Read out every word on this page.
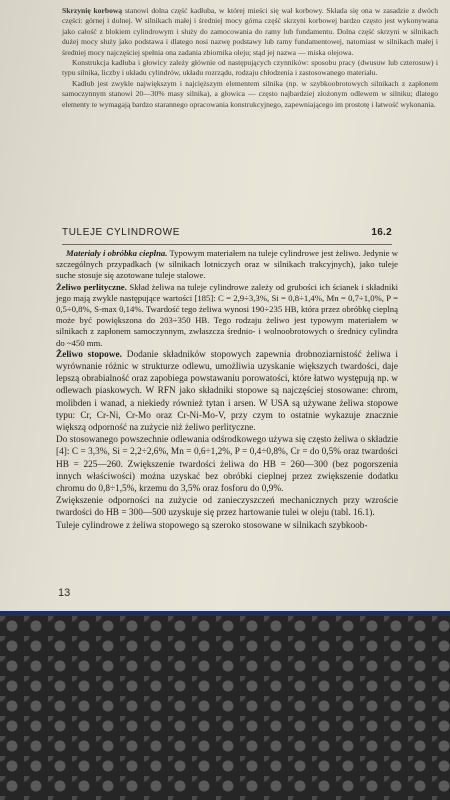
Skrzynię korbową stanowi dolna część kadłuba, w której mieści się wał korbowy. Składa się ona w zasadzie z dwóch części: górnej i dolnej. W silnikach małej i średniej mocy górna część skrzyni korbowej bardzo często jest wykonywana jako całość z blokiem cylindrowym i służy do zamocowania do ramy lub fundamentu. Dolna część skrzyni w silnikach dużej mocy służy jako podstawa i dlatego nosi nazwę podstawy lub ramy fundamentowej, natomiast w silnikach małej i średniej mocy najczęściej spełnia ona zadania zbiornika oleju; stąd jej nazwa — miska olejowa.

Konstrukcja kadłuba i głowicy zależy głównie od następujących czynników: sposobu pracy (dwusuw lub czterosuw) i typu silnika, liczby i układu cylindrów, układu rozrządu, rodzaju chłodzenia i zastosowanego materiału.

Kadłub jest zwykle największym i najcięższym elementem silnika (np. w szybkoobrotowych silnikach z zapłonem samoczynnym stanowi 20—30% masy silnika), a głowica — często najbardziej złożonym odlewem w silniku; dlatego elementy te wymagają bardzo starannego opracowania konstrukcyjnego, zapewniającego im prostotę i łatwość wykonania.

TULEJE CYLINDROWE	16.2

Materiały i obróbka cieplna. Typowym materiałem na tuleje cylindrowe jest żeliwo. Jedynie w szczególnych przypadkach (w silnikach lotniczych oraz w silnikach trakcyjnych), jako tuleje suche stosuje się azotowane tuleje stalowe.

Żeliwo perlityczne. Skład żeliwa na tuleje cylindrowe zależy od grubości ich ścianek i składniki jego mają zwykle następujące wartości [185]: C = 2,9÷3,3%, Si = 0,8÷1,4%, Mn = 0,7÷1,0%, P = 0,5÷0,8%, S-max 0,14%. Twardość tego żeliwa wynosi 190÷235 HB, która przez obróbkę cieplną może być powiększona do 203÷350 HB. Tego rodzaju żeliwo jest typowym materiałem w silnikach z zapłonem samoczynnym, zwłaszcza średnio- i wolnoobrotowych o średnicy cylindra do ~450 mm.

Żeliwo stopowe. Dodanie składników stopowych zapewnia drobnoziarnistość żeliwa i wyrównanie różnic w strukturze odlewu, umożliwia uzyskanie większych twardości, daje lepszą obrabialność oraz zapobiega powstawaniu porowatości, które łatwo występują np. w odlewach piaskowych. W RFN jako składniki stopowe są najczęściej stosowane: chrom, molibden i wanad, a niekiedy również tytan i arsen. W USA są używane żeliwa stopowe typu: Cr, Cr-Ni, Cr-Mo oraz Cr-Ni-Mo-V, przy czym to ostatnie wykazuje znacznie większą odporność na zużycie niż żeliwo perlityczne.

Do stosowanego powszechnie odlewania odśrodkowego używa się często żeliwa o składzie [4]: C = 3,3%, Si = 2,2÷2,6%, Mn = 0,6÷1,2%, P = 0,4÷0,8%, Cr = do 0,5% oraz twardości HB = 225—260. Zwiększenie twardości żeliwa do HB = 260—300 (bez pogorszenia innych właściwości) można uzyskać bez obróbki cieplnej przez zwiększenie dodatku chromu do 0,8÷1,5%, krzemu do 3,5% oraz fosforu do 0,9%.

Zwiększenie odporności na zużycie od zanieczyszczeń mechanicznych przy wzroście twardości do HB = 300—500 uzyskuje się przez hartowanie tulei w oleju (tabl. 16.1).

Tuleje cylindrowe z żeliwa stopowego są szeroko stosowane w silnikach szybkoob-

13
